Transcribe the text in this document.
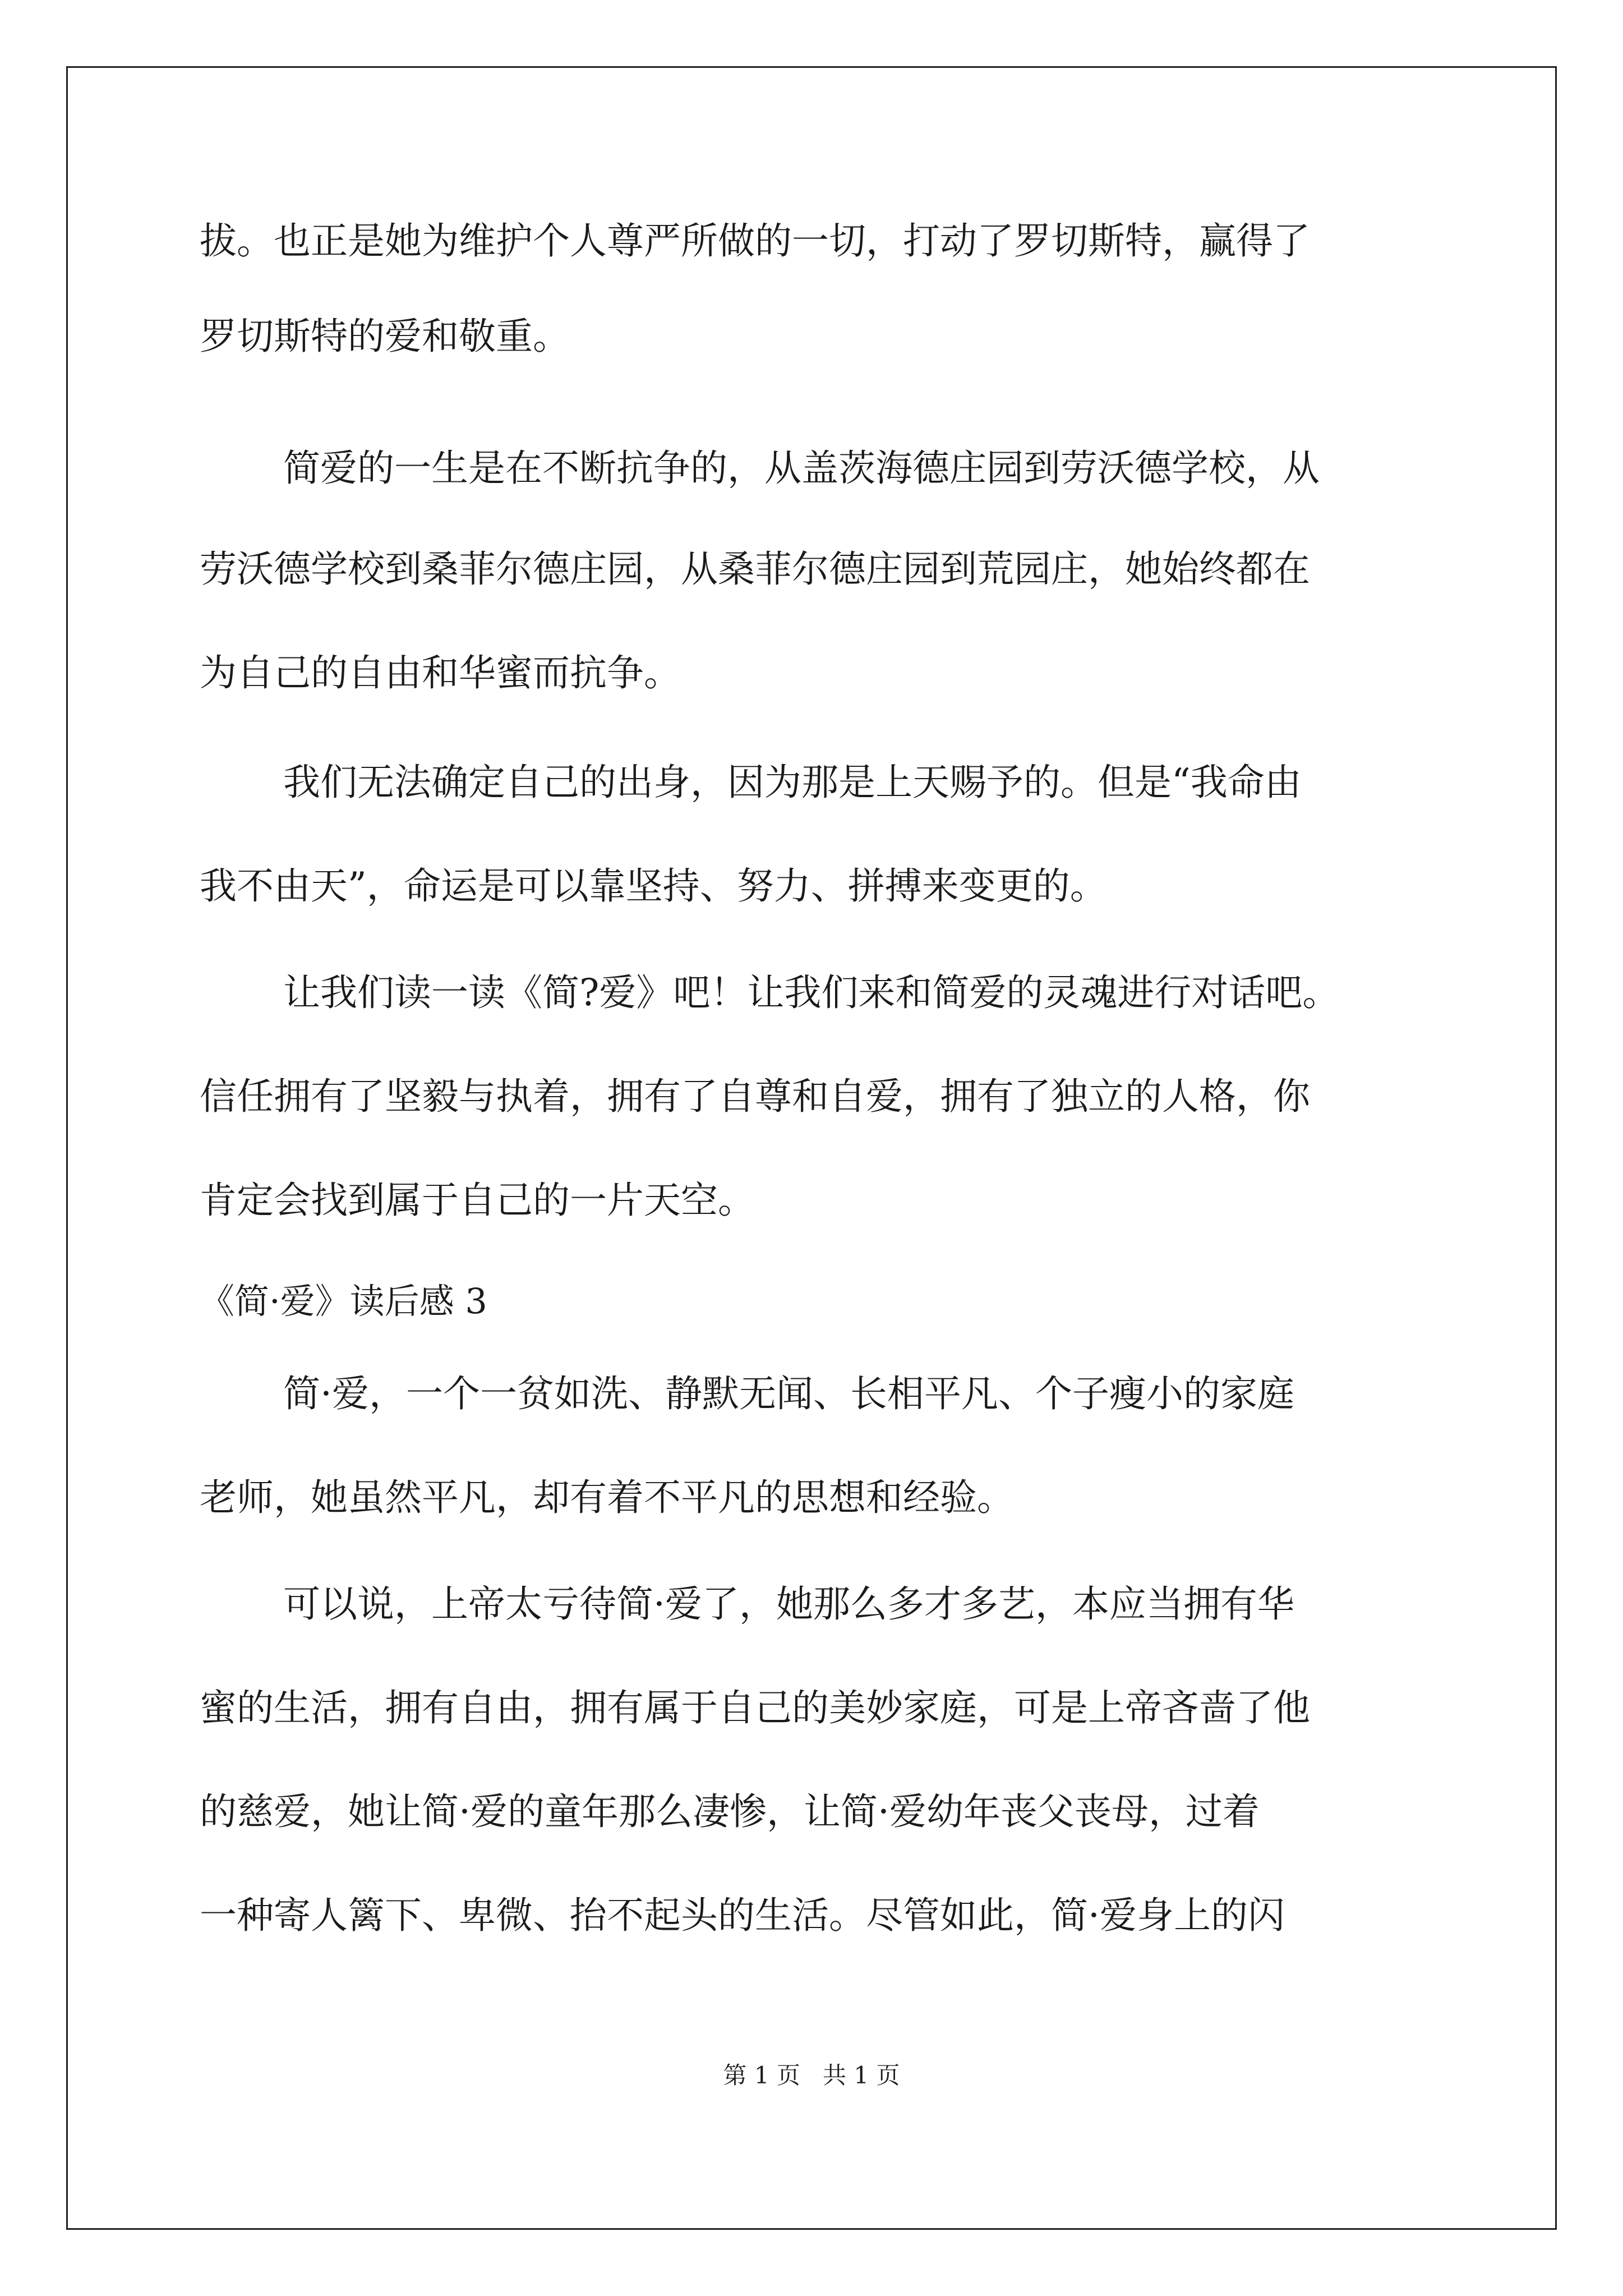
拔。也正是她为维护个人尊严所做的一切，打动了罗切斯特，赢得了
罗切斯特的爱和敬重。
简爱的一生是在不断抗争的，从盖茨海德庄园到劳沃德学校，从
劳沃德学校到桑菲尔德庄园，从桑菲尔德庄园到荒园庄，她始终都在
为自己的自由和华蜜而抗争。
我们无法确定自己的出身，因为那是上天赐予的。但是“我命由
我不由天”，命运是可以靠坚持、努力、拼搏来变更的。
让我们读一读《简?爱》吧！让我们来和简爱的灵魂进行对话吧。
信任拥有了坚毅与执着，拥有了自尊和自爱，拥有了独立的人格，你
肯定会找到属于自己的一片天空。
《简·爱》读后感 3
简·爱，一个一贫如洗、静默无闻、长相平凡、个子瘦小的家庭
老师，她虽然平凡，却有着不平凡的思想和经验。
可以说，上帝太亏待简·爱了，她那么多才多艺，本应当拥有华
蜜的生活，拥有自由，拥有属于自己的美妙家庭，可是上帝吝啬了他
的慈爱，她让简·爱的童年那么凄惨，让简·爱幼年丧父丧母，过着
一种寄人篱下、卑微、抬不起头的生活。尽管如此，简·爱身上的闪
第 1 页   共 1 页
